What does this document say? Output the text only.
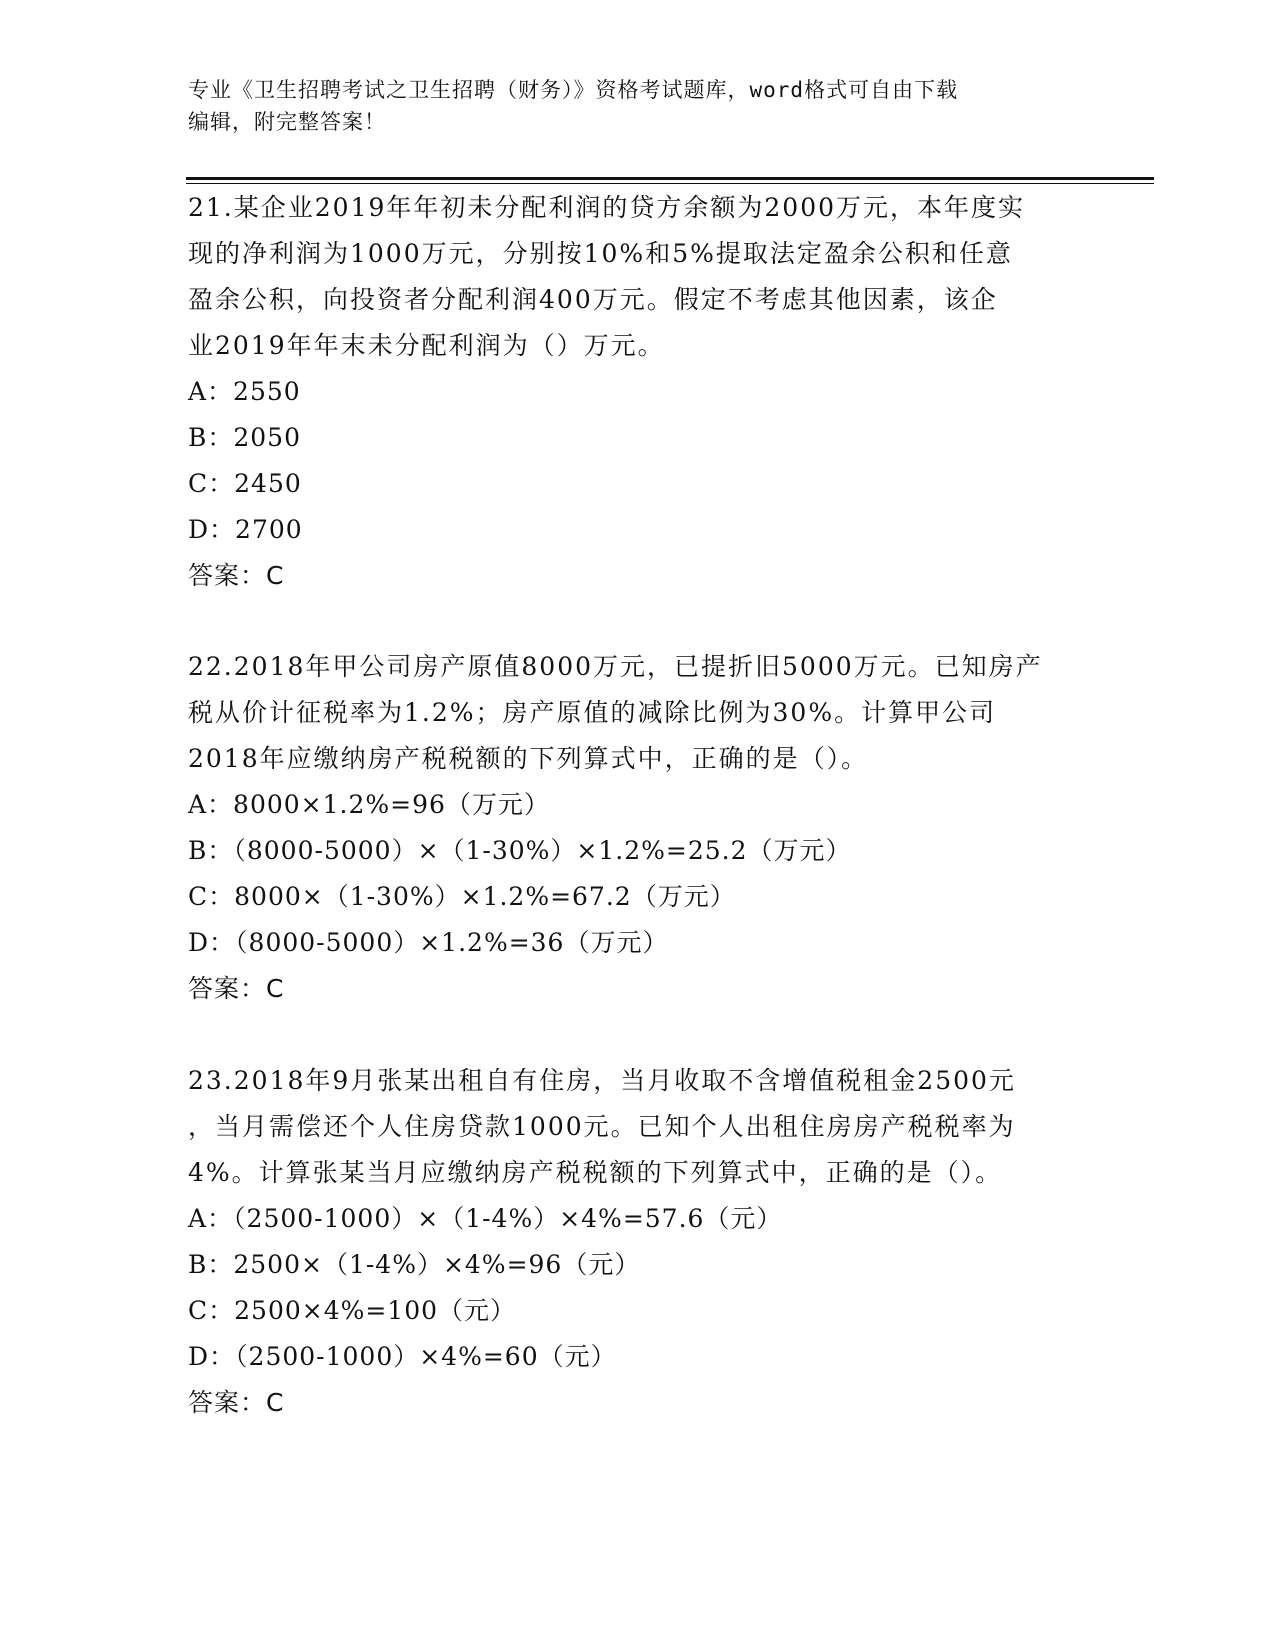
专业《卫生招聘考试之卫生招聘（财务）》资格考试题库，word格式可自由下载
编辑，附完整答案！

21.某企业2019年年初未分配利润的贷方余额为2000万元，本年度实

现的净利润为1000万元，分别按10%和5%提取法定盈余公积和任意

盈余公积，向投资者分配利润400万元。假定不考虑其他因素，该企

业2019年年末未分配利润为（）万元。

A：2550

B：2050

C：2450

D：2700

答案：C

22.2018年甲公司房产原值8000万元，已提折旧5000万元。已知房产

税从价计征税率为1.2%；房产原值的减除比例为30%。计算甲公司

2018年应缴纳房产税税额的下列算式中，正确的是（）。

A：8000×1.2%=96（万元）

B：（8000-5000）×（1-30%）×1.2%=25.2（万元）

C：8000×（1-30%）×1.2%=67.2（万元）

D：（8000-5000）×1.2%=36（万元）

答案：C

23.2018年9月张某出租自有住房，当月收取不含增值税租金2500元

，当月需偿还个人住房贷款1000元。已知个人出租住房房产税税率为

4%。计算张某当月应缴纳房产税税额的下列算式中，正确的是（）。

A：（2500-1000）×（1-4%）×4%=57.6（元）

B：2500×（1-4%）×4%=96（元）

C：2500×4%=100（元）

D：（2500-1000）×4%=60（元）

答案：C
